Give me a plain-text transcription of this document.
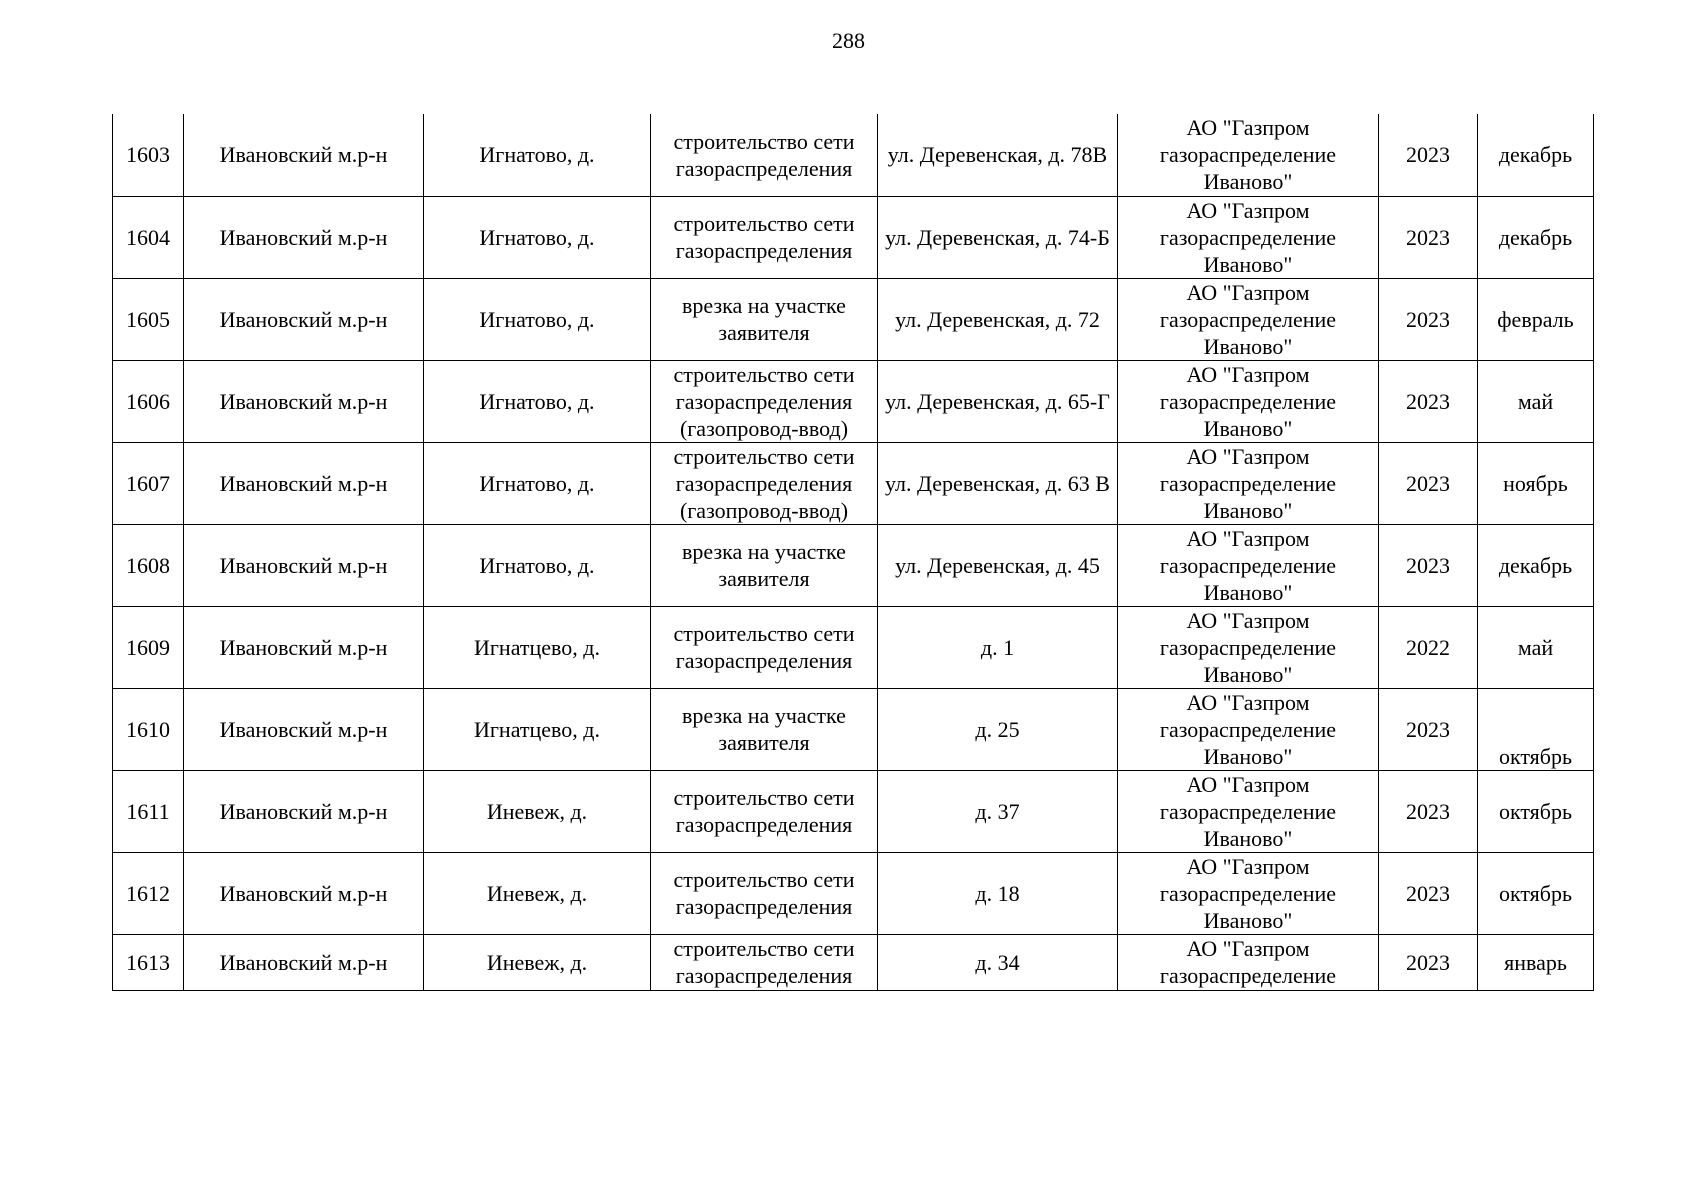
288
1603	Ивановский м.р-н	Игнатово, д.	строительство сети газораспределения	ул. Деревенская, д. 78В	АО "Газпром газораспределение Иваново"	2023	декабрь
1604	Ивановский м.р-н	Игнатово, д.	строительство сети газораспределения	ул. Деревенская, д. 74-Б	АО "Газпром газораспределение Иваново"	2023	декабрь
1605	Ивановский м.р-н	Игнатово, д.	врезка на участке заявителя	ул. Деревенская, д. 72	АО "Газпром газораспределение Иваново"	2023	февраль
1606	Ивановский м.р-н	Игнатово, д.	строительство сети газораспределения (газопровод-ввод)	ул. Деревенская, д. 65-Г	АО "Газпром газораспределение Иваново"	2023	май
1607	Ивановский м.р-н	Игнатово, д.	строительство сети газораспределения (газопровод-ввод)	ул. Деревенская, д. 63 В	АО "Газпром газораспределение Иваново"	2023	ноябрь
1608	Ивановский м.р-н	Игнатово, д.	врезка на участке заявителя	ул. Деревенская, д. 45	АО "Газпром газораспределение Иваново"	2023	декабрь
1609	Ивановский м.р-н	Игнатцево, д.	строительство сети газораспределения	д. 1	АО "Газпром газораспределение Иваново"	2022	май
1610	Ивановский м.р-н	Игнатцево, д.	врезка на участке заявителя	д. 25	АО "Газпром газораспределение Иваново"	2023	октябрь
1611	Ивановский м.р-н	Иневеж, д.	строительство сети газораспределения	д. 37	АО "Газпром газораспределение Иваново"	2023	октябрь
1612	Ивановский м.р-н	Иневеж, д.	строительство сети газораспределения	д. 18	АО "Газпром газораспределение Иваново"	2023	октябрь

1613	Ивановский м.р-н	Иневеж, д.	строительство сети газораспределения	д. 34	АО "Газпром газораспределение	2023	январь
